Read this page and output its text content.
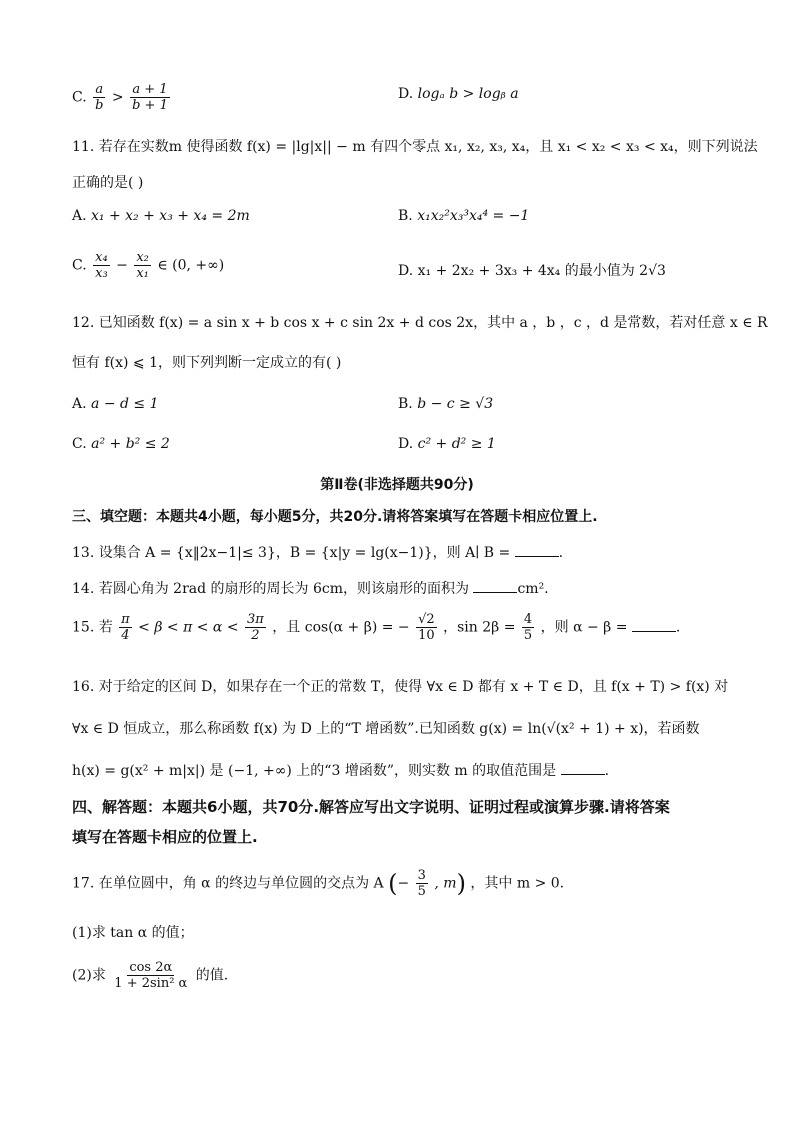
C. $\frac{a}{b} > \frac{a + 1}{b + 1}$	D. logₐ b > logᵦ a
11. 若存在实数m 使得函数 f(x) = |lg|x|| − m 有四个零点 x₁, x₂, x₃, x₄，且 x₁ < x₂ < x₃ < x₄，则下列说法
正确的是( )
A. x₁ + x₂ + x₃ + x₄ = 2m	B. x₁x₂²x₃³x₄⁴ = −1
C. $\frac{\text{x₄}}{\text{x₃}} - \frac{\text{x₂}}{\text{x₁}}$ ∈ (0, +∞)	D. x₁ + 2x₂ + 3x₃ + 4x₄ 的最小值为 2√3
12. 已知函数 f(x) = a sin x + b cos x + c sin 2x + d cos 2x，其中 a ，b ，c ，d 是常数，若对任意 x ∈ R
恒有 f(x) ⩽ 1，则下列判断一定成立的有( )
A. a − d ≤ 1	B. b − c ≥ √3
C. a² + b² ≤ 2	D. c² + d² ≥ 1
第Ⅱ卷(非选择题共90分)
三、填空题：本题共4小题，每小题5分，共20分.请将答案填写在答题卡相应位置上.
13. 设集合 A = {x‖2x−1|≤ 3}，B = {x|y = lg(x−1)}，则 A∣ B =	.
14. 若圆心角为 2rad 的扇形的周长为 6cm，则该扇形的面积为	cm².
15. 若 $\frac{\pi}{4} < \beta < \pi < \alpha < \frac{3\pi}{2}$ ，且 cos(α + β) = − $\frac{√2}{10}$ ，$\sin 2\beta = \frac{4}{5}$ ，则 α − β =	.
16. 对于给定的区间 D，如果存在一个正的常数 T，使得 ∀x ∈ D 都有 x + T ∈ D，且 f(x + T) > f(x) 对
∀x ∈ D 恒成立，那么称函数 f(x) 为 D 上的“T 增函数”.已知函数 g(x) = ln(√(x² + 1) + x)，若函数
h(x) = g(x² + m|x|) 是 (−1, +∞) 上的“3 增函数”，则实数 m 的取值范围是	.
四、解答题：本题共6小题，共70分.解答应写出文字说明、证明过程或演算步骤.请将答案
填写在答题卡相应的位置上.
17. 在单位圆中，角 α 的终边与单位圆的交点为 A (− $\frac{3}{5}$ , m) ，其中 m > 0.
(1)求 tan α 的值；
(2)求 $\frac{\cos 2\alpha}{\text{1 + 2sin² α}}$ 的值.
